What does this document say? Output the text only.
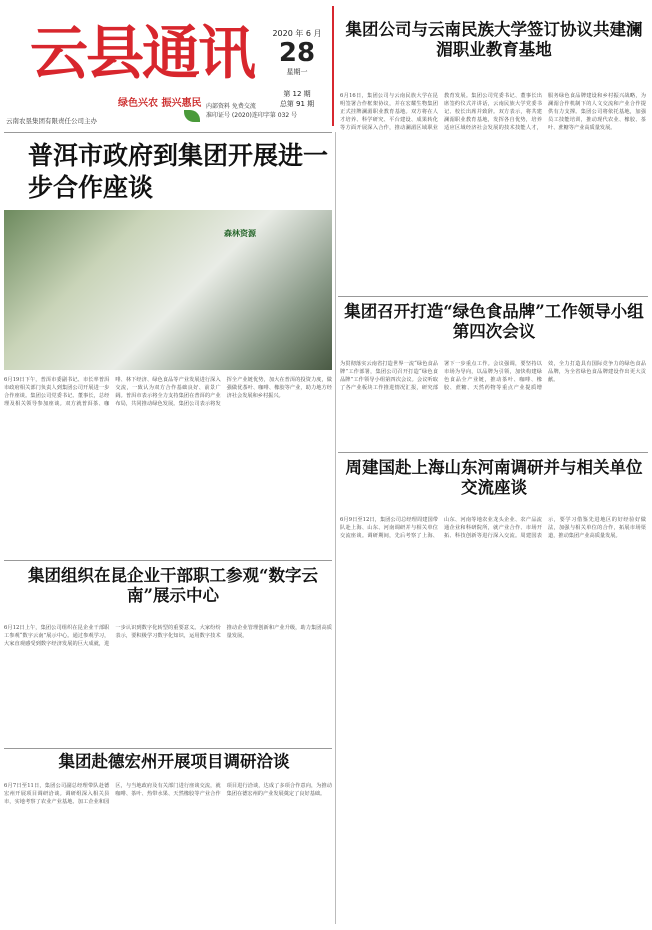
云县通讯
绿色兴农 振兴惠民
云南农垦集团有限责任公司主办
内部资料 免费交流
准印证号 (2020)连印字第 032 号
2020 年 6 月
28
星期一
第 12 期
总第 91 期
集团公司与云南民族大学签订协议共建澜湄职业教育基地
6月16日，集团公司与云南民族大学在昆明签署合作框架协议，并在宏耀生物集团正式挂牌澜湄职业教育基地。双方将在人才培养、科学研究、平台建设、成果转化等方面开展深入合作，推动澜湄区域职业教育发展。集团公司党委书记、董事长出席签约仪式并讲话，云南民族大学党委书记、校长出席并致辞。双方表示，将共建澜湄职业教育基地，发挥各自优势，培养适应区域经济社会发展的技术技能人才，服务绿色食品牌建设和乡村振兴战略，为澜湄合作机制下的人文交流和产业合作提供有力支撑。集团公司将依托基地，加强员工技能培训，推动现代农业、橡胶、茶叶、蔗糖等产业高质量发展。
普洱市政府到集团开展进一步合作座谈
森林资源
6月19日下午，普洱市委副书记、市长率普洱市政府相关部门负责人到集团公司开展进一步合作座谈。集团公司党委书记、董事长，总经理及相关领导参加座谈。双方就普洱茶、咖啡、林下经济、绿色食品等产业发展进行深入交流，一致认为双方合作基础良好、前景广阔。普洱市表示将全力支持集团在普洱的产业布局，共同推动绿色发展。集团公司表示将发挥全产业链优势，加大在普洱的投资力度，做强做优茶叶、咖啡、橡胶等产业，助力地方经济社会发展和乡村振兴。
集团召开打造“绿色食品牌”工作领导小组第四次会议
为贯彻落实云南省打造世界一流“绿色食品牌”工作部署，集团公司召开打造“绿色食品牌”工作领导小组第四次会议。会议听取了各产业板块工作推进情况汇报，研究部署下一步重点工作。会议强调，要坚持以市场为导向，以品牌为引领，加快构建绿色食品全产业链，推动茶叶、咖啡、橡胶、蔗糖、天然药物等重点产业提质增效，全力打造具有国际竞争力的绿色食品品牌，为全省绿色食品牌建设作出更大贡献。
周建国赴上海山东河南调研并与相关单位交流座谈
6月9日至12日，集团公司总经理周建国带队赴上海、山东、河南调研并与相关单位交流座谈。调研期间，先后考察了上海、山东、河南等地农业龙头企业、农产品流通企业和科研院所，就产业合作、市场开拓、科技创新等进行深入交流。周建国表示，要学习借鉴先进地区的好经验好做法，加强与相关单位的合作，拓展市场渠道，推动集团产业高质量发展。
集团组织在昆企业干部职工参观“数字云南”展示中心
6月12日上午，集团公司组织在昆企业干部职工参观“数字云南”展示中心。通过参观学习，大家直观感受到数字经济发展的巨大成就，进一步认识到数字化转型的重要意义。大家纷纷表示，要积极学习数字化知识，运用数字技术推动企业管理创新和产业升级，助力集团高质量发展。
集团赴德宏州开展项目调研洽谈
6月7日至11日，集团公司副总经理带队赴德宏州开展项目调研洽谈。调研组深入相关县市，实地考察了农业产业基地、加工企业和园区，与当地政府及有关部门进行座谈交流，就咖啡、茶叶、热带水果、天然橡胶等产业合作项目进行洽谈，达成了多项合作意向，为推动集团在德宏州的产业发展奠定了良好基础。
